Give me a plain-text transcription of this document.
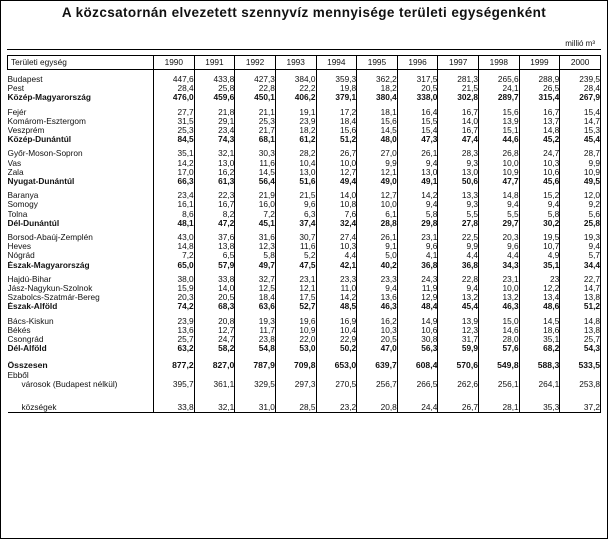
A közcsatornán elvezetett szennyvíz mennyisége területi egységenként
millió m³
Területi egység	1990	1991	1992	1993	1994	1995	1996	1997	1998	1999	2000

Budapest	447,6	433,8	427,3	384,0	359,3	362,2	317,5	281,3	265,6	288,9	239,5
Pest	28,4	25,8	22,8	22,2	19,8	18,2	20,5	21,5	24,1	26,5	28,4
Közép-Magyarország	476,0	459,6	450,1	406,2	379,1	380,4	338,0	302,8	289,7	315,4	267,9

Fejér	27,7	21,8	21,1	19,1	17,2	18,1	16,4	16,7	15,6	16,7	15,4
Komárom-Esztergom	31,5	29,1	25,3	23,9	18,4	15,6	15,5	14,0	13,9	13,7	14,7
Veszprém	25,3	23,4	21,7	18,2	15,6	14,5	15,4	16,7	15,1	14,8	15,3
Közép-Dunántúl	84,5	74,3	68,1	61,2	51,2	48,0	47,3	47,4	44,6	45,2	45,4

Győr-Moson-Sopron	35,1	32,1	30,3	28,2	26,7	27,0	26,1	28,3	26,8	24,7	28,7
Vas	14,2	13,0	11,6	10,4	10,0	9,9	9,4	9,3	10,0	10,3	9,9
Zala	17,0	16,2	14,5	13,0	12,7	12,1	13,0	13,0	10,9	10,6	10,9
Nyugat-Dunántúl	66,3	61,3	56,4	51,6	49,4	49,0	49,1	50,6	47,7	45,6	49,5

Baranya	23,4	22,3	21,9	21,5	14,0	12,7	14,2	13,3	14,8	15,2	12,0
Somogy	16,1	16,7	16,0	9,6	10,8	10,0	9,4	9,3	9,4	9,4	9,2
Tolna	8,6	8,2	7,2	6,3	7,6	6,1	5,8	5,5	5,5	5,8	5,6
Dél-Dunántúl	48,1	47,2	45,1	37,4	32,4	28,8	29,8	27,8	29,7	30,2	25,8

Borsod-Abaúj-Zemplén	43,0	37,6	31,6	30,7	27,4	26,1	23,1	22,5	20,3	19,5	19,3
Heves	14,8	13,8	12,3	11,6	10,3	9,1	9,6	9,9	9,6	10,7	9,4
Nógrád	7,2	6,5	5,8	5,2	4,4	5,0	4,1	4,4	4,4	4,9	5,7
Észak-Magyarország	65,0	57,9	49,7	47,5	42,1	40,2	36,8	36,8	34,3	35,1	34,4

Hajdú-Bihar	38,0	33,8	32,7	23,1	23,3	23,3	24,3	22,8	23,1	23	22,7
Jász-Nagykun-Szolnok	15,9	14,0	12,5	12,1	11,0	9,4	11,9	9,4	10,0	12,2	14,7
Szabolcs-Szatmár-Bereg	20,3	20,5	18,4	17,5	14,2	13,6	12,9	13,2	13,2	13,4	13,8
Észak-Alföld	74,2	68,3	63,6	52,7	48,5	46,3	48,4	45,4	46,3	48,6	51,2

Bács-Kiskun	23,9	20,8	19,3	19,6	16,9	16,2	14,9	13,9	15,0	14,5	14,8
Békés	13,6	12,7	11,7	10,9	10,4	10,3	10,6	12,3	14,6	18,6	13,8
Csongrád	25,7	24,7	23,8	22,0	22,9	20,5	30,8	31,7	28,0	35,1	25,7
Dél-Alföld	63,2	58,2	54,8	53,0	50,2	47,0	56,3	59,9	57,6	68,2	54,3

Összesen	877,2	827,0	787,9	709,8	653,0	639,7	608,4	570,6	549,8	588,3	533,5
Ebből											
városok (Budapest nélkül)	395,7	361,1	329,5	297,3	270,5	256,7	266,5	262,6	256,1	264,1	253,8

községek	33,8	32,1	31,0	28,5	23,2	20,8	24,4	26,7	28,1	35,3	37,2
